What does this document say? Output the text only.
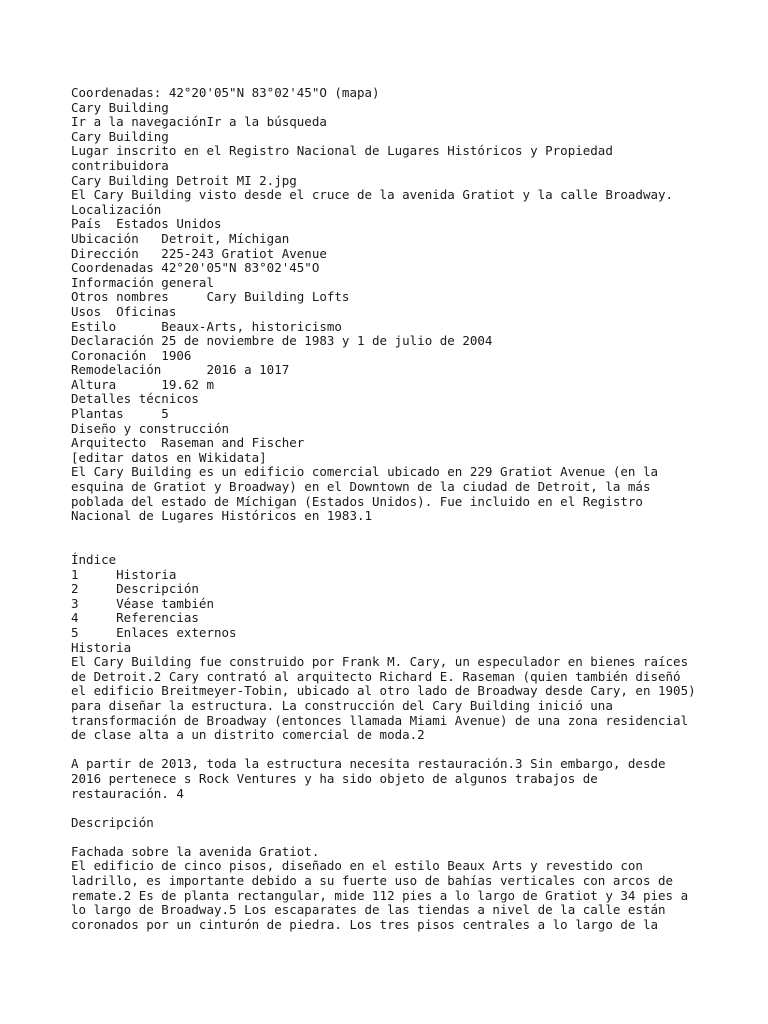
Coordenadas: 42°20'05"N 83°02'45"O (mapa)
Cary Building
Ir a la navegaciónIr a la búsqueda
Cary Building
Lugar inscrito en el Registro Nacional de Lugares Históricos y Propiedad
contribuidora
Cary Building Detroit MI 2.jpg
El Cary Building visto desde el cruce de la avenida Gratiot y la calle Broadway.
Localización
País  Estados Unidos
Ubicación   Detroit, Míchigan
Dirección   225-243 Gratiot Avenue
Coordenadas 42°20'05"N 83°02'45"O
Información general
Otros nombres     Cary Building Lofts
Usos  Oficinas
Estilo      Beaux-Arts, historicismo
Declaración 25 de noviembre de 1983 y 1 de julio de 2004
Coronación  1906
Remodelación      2016 a 1017
Altura      19.62 m
Detalles técnicos
Plantas     5
Diseño y construcción
Arquitecto  Raseman and Fischer
[editar datos en Wikidata]
El Cary Building es un edificio comercial ubicado en 229 Gratiot Avenue (en la
esquina de Gratiot y Broadway) en el Downtown de la ciudad de Detroit, la más
poblada del estado de Míchigan (Estados Unidos). Fue incluido en el Registro
Nacional de Lugares Históricos en 1983.1
Índice
1     Historia
2     Descripción
3     Véase también
4     Referencias
5     Enlaces externos
Historia
El Cary Building fue construido por Frank M. Cary, un especulador en bienes raíces
de Detroit.2 Cary contrató al arquitecto Richard E. Raseman (quien también diseñó
el edificio Breitmeyer-Tobin, ubicado al otro lado de Broadway desde Cary, en 1905)
para diseñar la estructura. La construcción del Cary Building inició una
transformación de Broadway (entonces llamada Miami Avenue) de una zona residencial
de clase alta a un distrito comercial de moda.2
A partir de 2013, toda la estructura necesita restauración.3 Sin embargo, desde
2016 pertenece s Rock Ventures y ha sido objeto de algunos trabajos de
restauración. 4
Descripción
Fachada sobre la avenida Gratiot.
El edificio de cinco pisos, diseñado en el estilo Beaux Arts y revestido con
ladrillo, es importante debido a su fuerte uso de bahías verticales con arcos de
remate.2 Es de planta rectangular, mide 112 pies a lo largo de Gratiot y 34 pies a
lo largo de Broadway.5 Los escaparates de las tiendas a nivel de la calle están
coronados por un cinturón de piedra. Los tres pisos centrales a lo largo de la
